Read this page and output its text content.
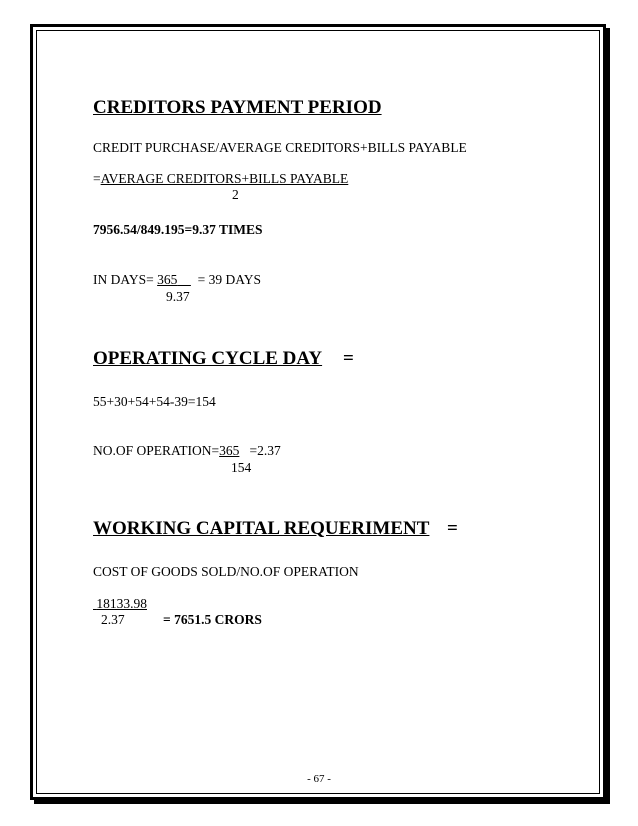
CREDITORS PAYMENT PERIOD
CREDIT PURCHASE/AVERAGE CREDITORS+BILLS PAYABLE
=AVERAGE CREDITORS+BILLS PAYABLE
2
7956.54/849.195=9.37 TIMES
IN DAYS= 365 = 39 DAYS
9.37
OPERATING CYCLE DAY =
55+30+54+54-39=154
NO.OF OPERATION=365 =2.37
154
WORKING CAPITAL REQUERIMENT =
COST OF GOODS SOLD/NO.OF OPERATION
18133.98
2.37	= 7651.5 CRORS
- 67 -
